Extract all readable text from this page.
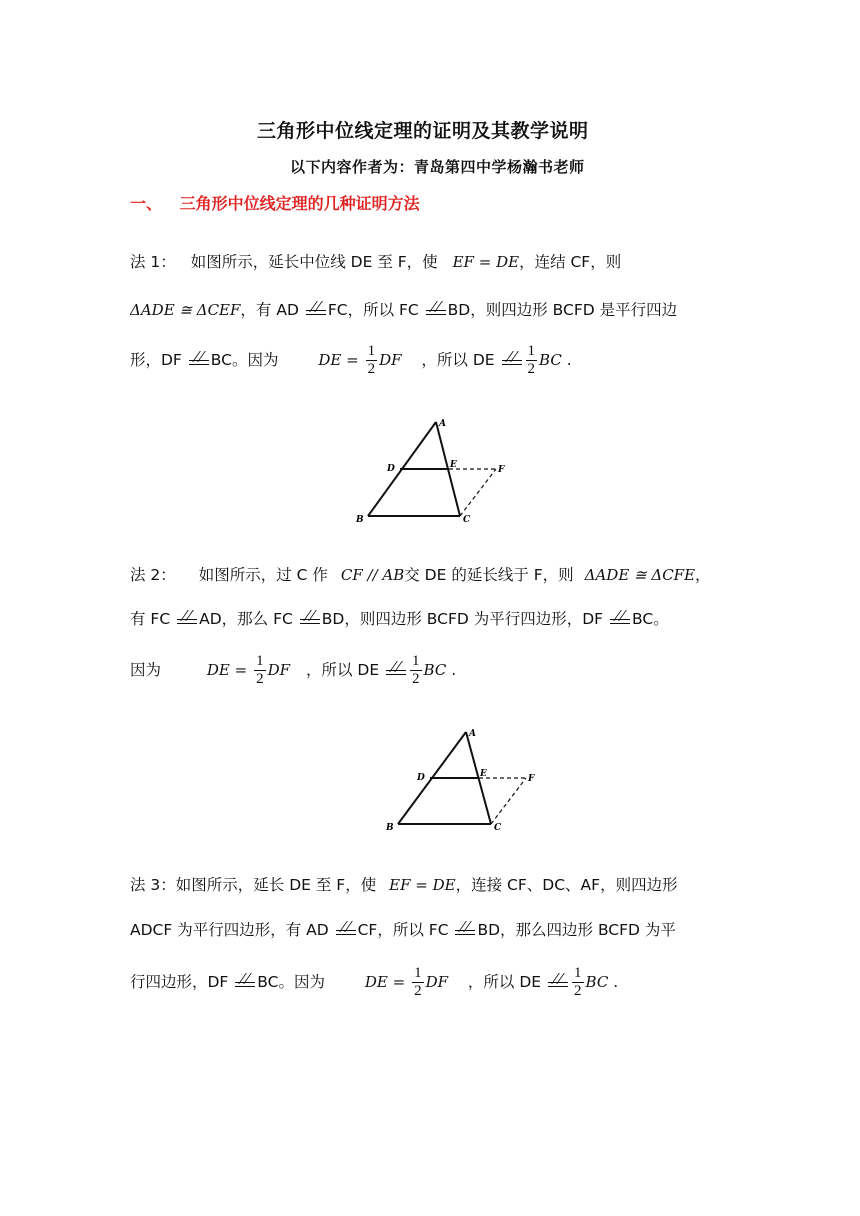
三角形中位线定理的证明及其教学说明
以下内容作者为：青岛第四中学杨瀚书老师
一、 三角形中位线定理的几种证明方法
法 1： 如图所示，延长中位线 DE 至 F，使 EF = DE，连结 CF，则
ΔADE ≅ ΔCEF，有 AD FC，所以 FC BD，则四边形 BCFD 是平行四边
形，DF BC。因为	DE = $\frac{1}{2}$ DF ，所以 DE $\frac{1}{2}$ BC .
A
D	E	F
B	C
法 2： 如图所示，过 C 作 CF // AB交 DE 的延长线于 F，则 ΔADE ≅ ΔCFE，
有 FC AD，那么 FC BD，则四边形 BCFD 为平行四边形，DF BC。
因为	DE = $\frac{1}{2}$ DF ，所以 DE $\frac{1}{2}$ BC .
A
D	E	F
B	C
法 3：如图所示，延长 DE 至 F，使 EF = DE，连接 CF、DC、AF，则四边形
ADCF 为平行四边形，有 AD CF，所以 FC BD，那么四边形 BCFD 为平
行四边形，DF BC。因为	DE = $\frac{1}{2}$ DF ，所以 DE $\frac{1}{2}$ BC .
